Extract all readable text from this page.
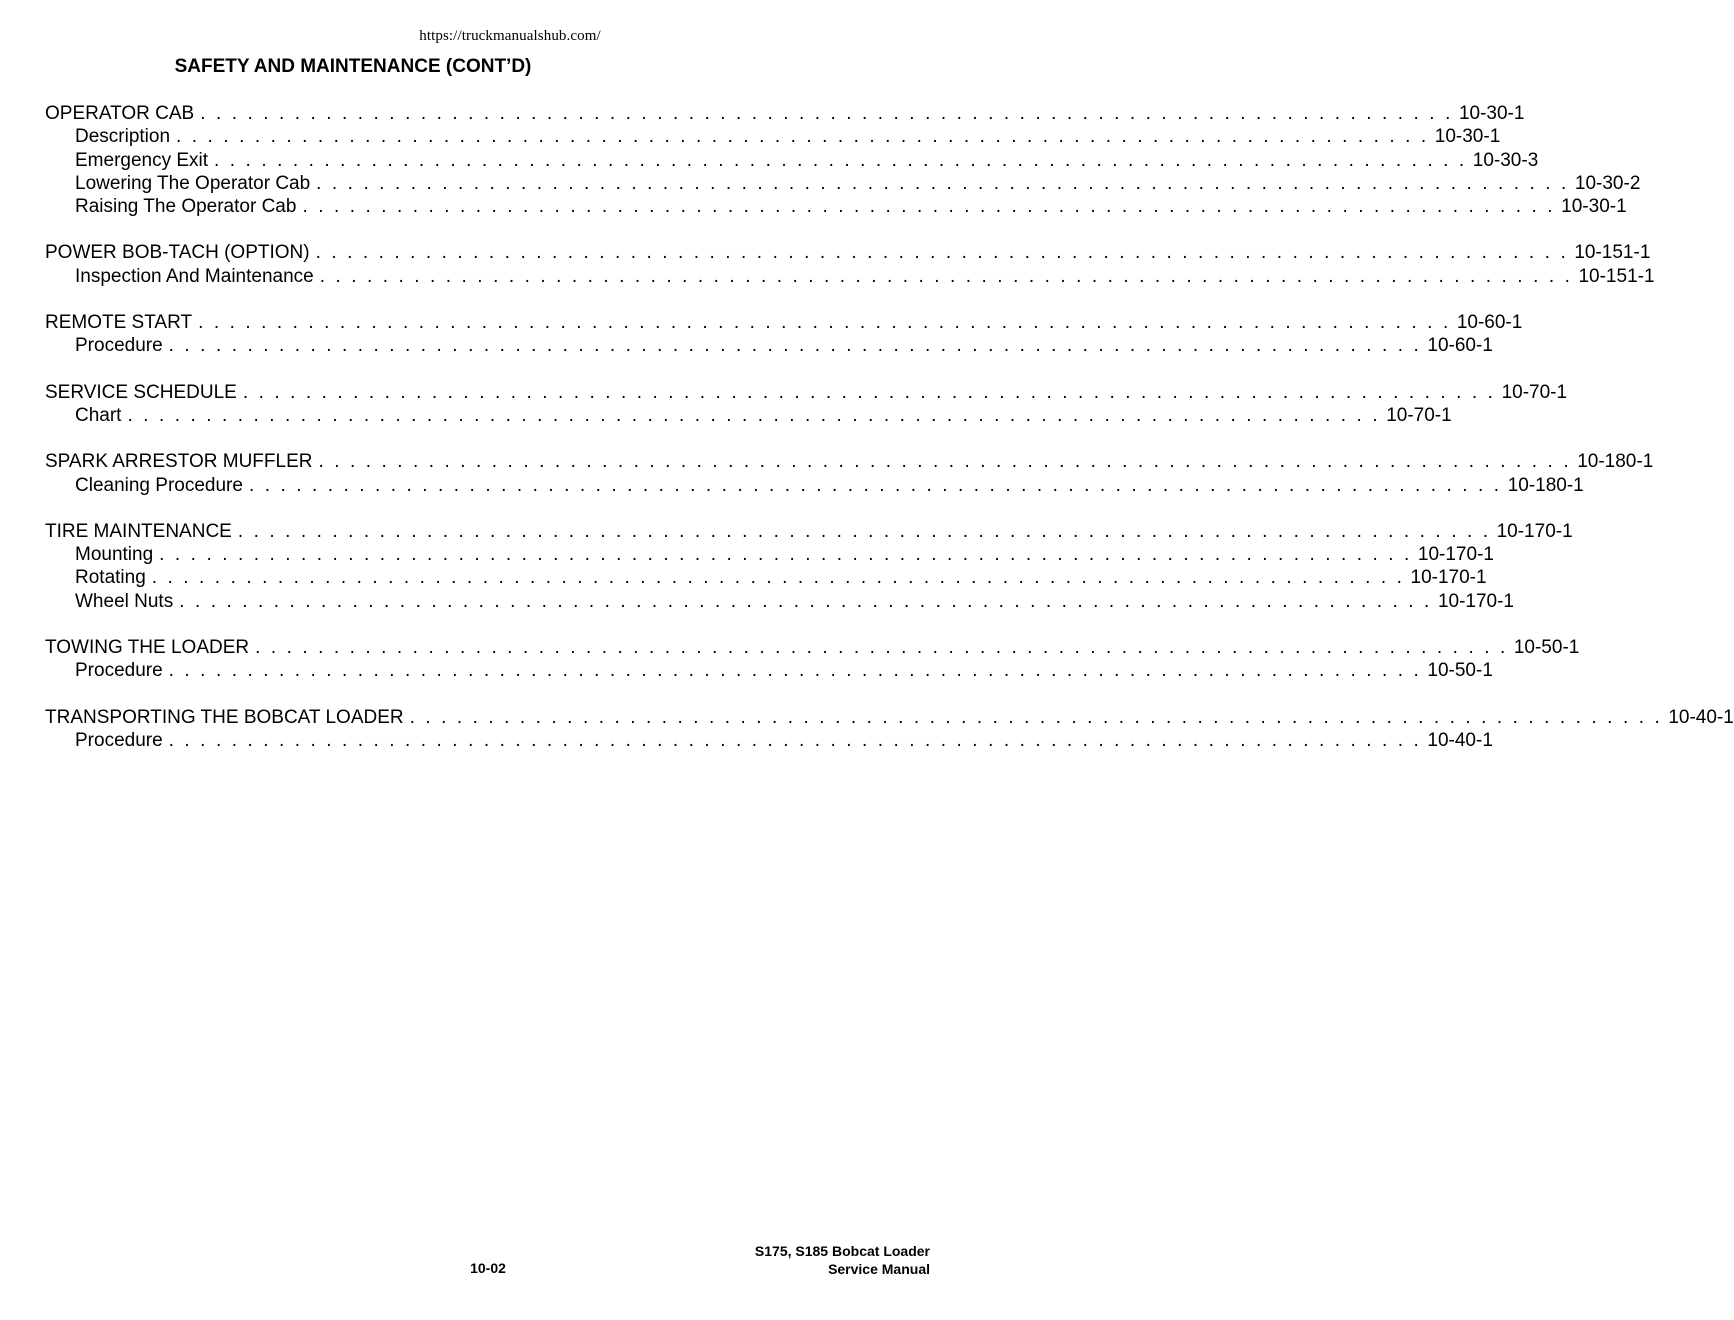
https://truckmanualshub.com/
SAFETY AND MAINTENANCE (CONT’D)
OPERATOR CAB . . . . . . . . . . . . . . . . . . . . . . . . . . . . . . . . . . . . . . . . . . . . . . . . . . . . . . . . . . . . . . . . . . . . . . . . . . . . . . . . 10-30-1
Description . . . . . . . . . . . . . . . . . . . . . . . . . . . . . . . . . . . . . . . . . . . . . . . . . . . . . . . . . . . . . . . . . . . . . . . . . . . . . . . . 10-30-1
Emergency Exit . . . . . . . . . . . . . . . . . . . . . . . . . . . . . . . . . . . . . . . . . . . . . . . . . . . . . . . . . . . . . . . . . . . . . . . . . . . . . . . . 10-30-3
Lowering The Operator Cab . . . . . . . . . . . . . . . . . . . . . . . . . . . . . . . . . . . . . . . . . . . . . . . . . . . . . . . . . . . . . . . . . . . . . . . . . . . . . . . . 10-30-2
Raising The Operator Cab . . . . . . . . . . . . . . . . . . . . . . . . . . . . . . . . . . . . . . . . . . . . . . . . . . . . . . . . . . . . . . . . . . . . . . . . . . . . . . . . 10-30-1
POWER BOB-TACH (OPTION) . . . . . . . . . . . . . . . . . . . . . . . . . . . . . . . . . . . . . . . . . . . . . . . . . . . . . . . . . . . . . . . . . . . . . . . . . . . . . . . . 10-151-1
Inspection And Maintenance . . . . . . . . . . . . . . . . . . . . . . . . . . . . . . . . . . . . . . . . . . . . . . . . . . . . . . . . . . . . . . . . . . . . . . . . . . . . . . . . 10-151-1
REMOTE START . . . . . . . . . . . . . . . . . . . . . . . . . . . . . . . . . . . . . . . . . . . . . . . . . . . . . . . . . . . . . . . . . . . . . . . . . . . . . . . . 10-60-1
Procedure . . . . . . . . . . . . . . . . . . . . . . . . . . . . . . . . . . . . . . . . . . . . . . . . . . . . . . . . . . . . . . . . . . . . . . . . . . . . . . . . 10-60-1
SERVICE SCHEDULE . . . . . . . . . . . . . . . . . . . . . . . . . . . . . . . . . . . . . . . . . . . . . . . . . . . . . . . . . . . . . . . . . . . . . . . . . . . . . . . . 10-70-1
Chart . . . . . . . . . . . . . . . . . . . . . . . . . . . . . . . . . . . . . . . . . . . . . . . . . . . . . . . . . . . . . . . . . . . . . . . . . . . . . . . . 10-70-1
SPARK ARRESTOR MUFFLER . . . . . . . . . . . . . . . . . . . . . . . . . . . . . . . . . . . . . . . . . . . . . . . . . . . . . . . . . . . . . . . . . . . . . . . . . . . . . . . . 10-180-1
Cleaning Procedure . . . . . . . . . . . . . . . . . . . . . . . . . . . . . . . . . . . . . . . . . . . . . . . . . . . . . . . . . . . . . . . . . . . . . . . . . . . . . . . . 10-180-1
TIRE MAINTENANCE . . . . . . . . . . . . . . . . . . . . . . . . . . . . . . . . . . . . . . . . . . . . . . . . . . . . . . . . . . . . . . . . . . . . . . . . . . . . . . . . 10-170-1
Mounting . . . . . . . . . . . . . . . . . . . . . . . . . . . . . . . . . . . . . . . . . . . . . . . . . . . . . . . . . . . . . . . . . . . . . . . . . . . . . . . . 10-170-1
Rotating . . . . . . . . . . . . . . . . . . . . . . . . . . . . . . . . . . . . . . . . . . . . . . . . . . . . . . . . . . . . . . . . . . . . . . . . . . . . . . . . 10-170-1
Wheel Nuts . . . . . . . . . . . . . . . . . . . . . . . . . . . . . . . . . . . . . . . . . . . . . . . . . . . . . . . . . . . . . . . . . . . . . . . . . . . . . . . . 10-170-1
TOWING THE LOADER . . . . . . . . . . . . . . . . . . . . . . . . . . . . . . . . . . . . . . . . . . . . . . . . . . . . . . . . . . . . . . . . . . . . . . . . . . . . . . . . 10-50-1
Procedure . . . . . . . . . . . . . . . . . . . . . . . . . . . . . . . . . . . . . . . . . . . . . . . . . . . . . . . . . . . . . . . . . . . . . . . . . . . . . . . . 10-50-1
TRANSPORTING THE BOBCAT LOADER . . . . . . . . . . . . . . . . . . . . . . . . . . . . . . . . . . . . . . . . . . . . . . . . . . . . . . . . . . . . . . . . . . . . . . . . . . . . . . . . 10-40-1
Procedure . . . . . . . . . . . . . . . . . . . . . . . . . . . . . . . . . . . . . . . . . . . . . . . . . . . . . . . . . . . . . . . . . . . . . . . . . . . . . . . . 10-40-1
10-02
S175, S185 Bobcat Loader
Service Manual
